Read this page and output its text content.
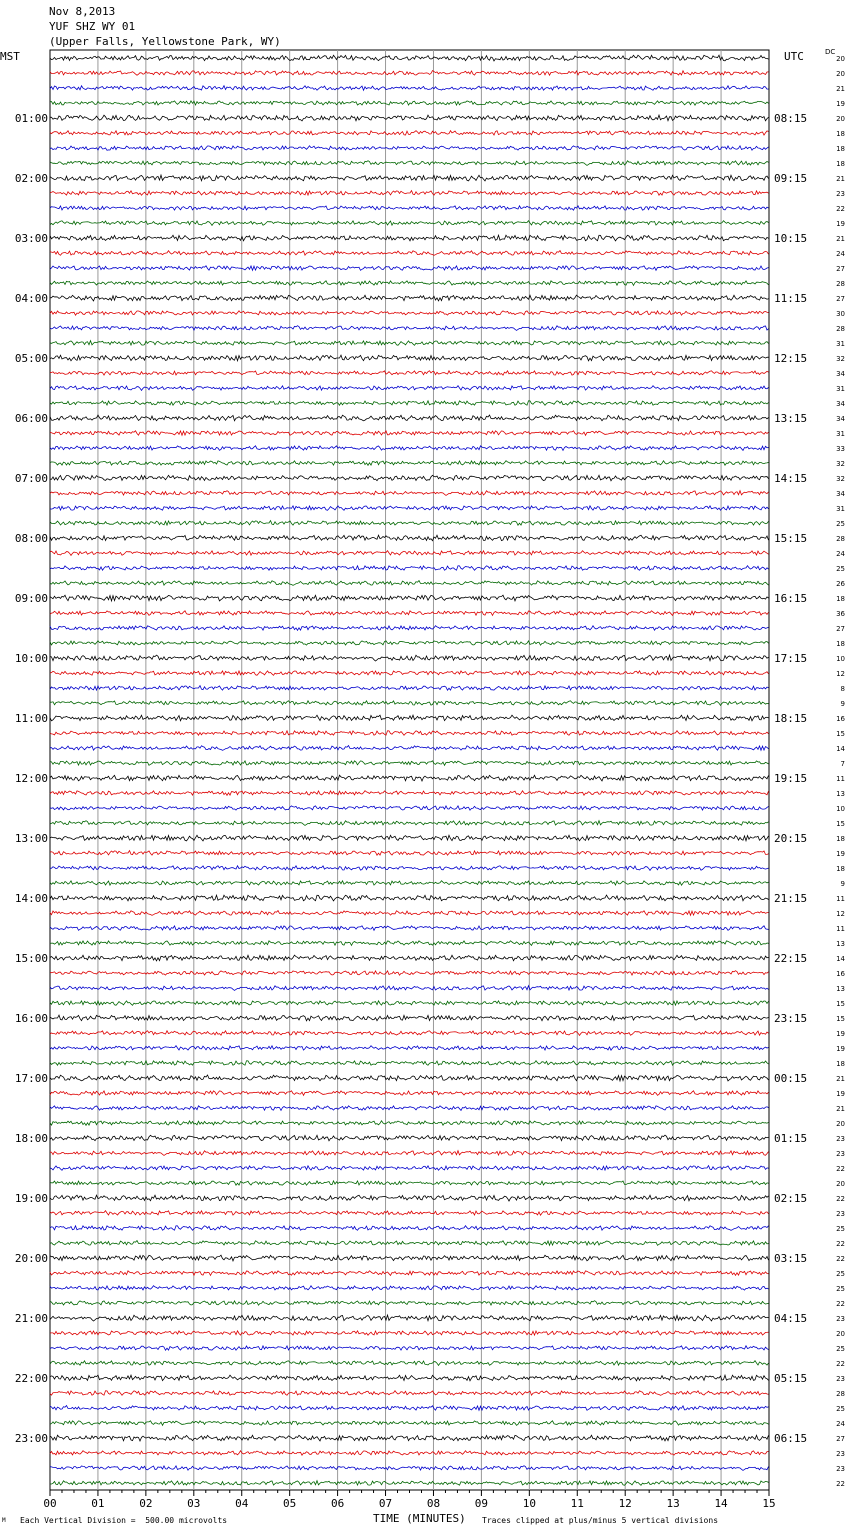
Nov 8,2013
YUF SHZ WY 01
(Upper Falls, Yellowstone Park, WY)
MST	UTC	DC
20
20
21
19
20
18
18
18
21
23
22
19
21
24
27
28
27
30
28
31
32
34
31
34
34
31
33
32
32
34
31
25
28
24
25
26
18
36
27
18
10
12
8
9
16
15
14
7
11
13
10
15
18
19
18
9
11
12
11
13
14
16
13
15
15
19
19
18
21
19
21
20
23
23
22
20
22
23
25
22
22
25
25
22
23
20
25
22
23
28
25
24
27
23
23
22
01:00	08:15
02:00	09:15
03:00	10:15
04:00	11:15
05:00	12:15
06:00	13:15
07:00	14:15
08:00	15:15
09:00	16:15
10:00	17:15
11:00	18:15
12:00	19:15
13:00	20:15
14:00	21:15
15:00	22:15
16:00	23:15
17:00	00:15
18:00	01:15
19:00	02:15
20:00	03:15
21:00	04:15
22:00	05:15
23:00	06:15
00	01	02	03	04	05	06	07	08	09	10	11	12	13	14	15
M Each Vertical Division =  500.00 microvolts	TIME (MINUTES) Traces clipped at plus/minus 5 vertical divisions
